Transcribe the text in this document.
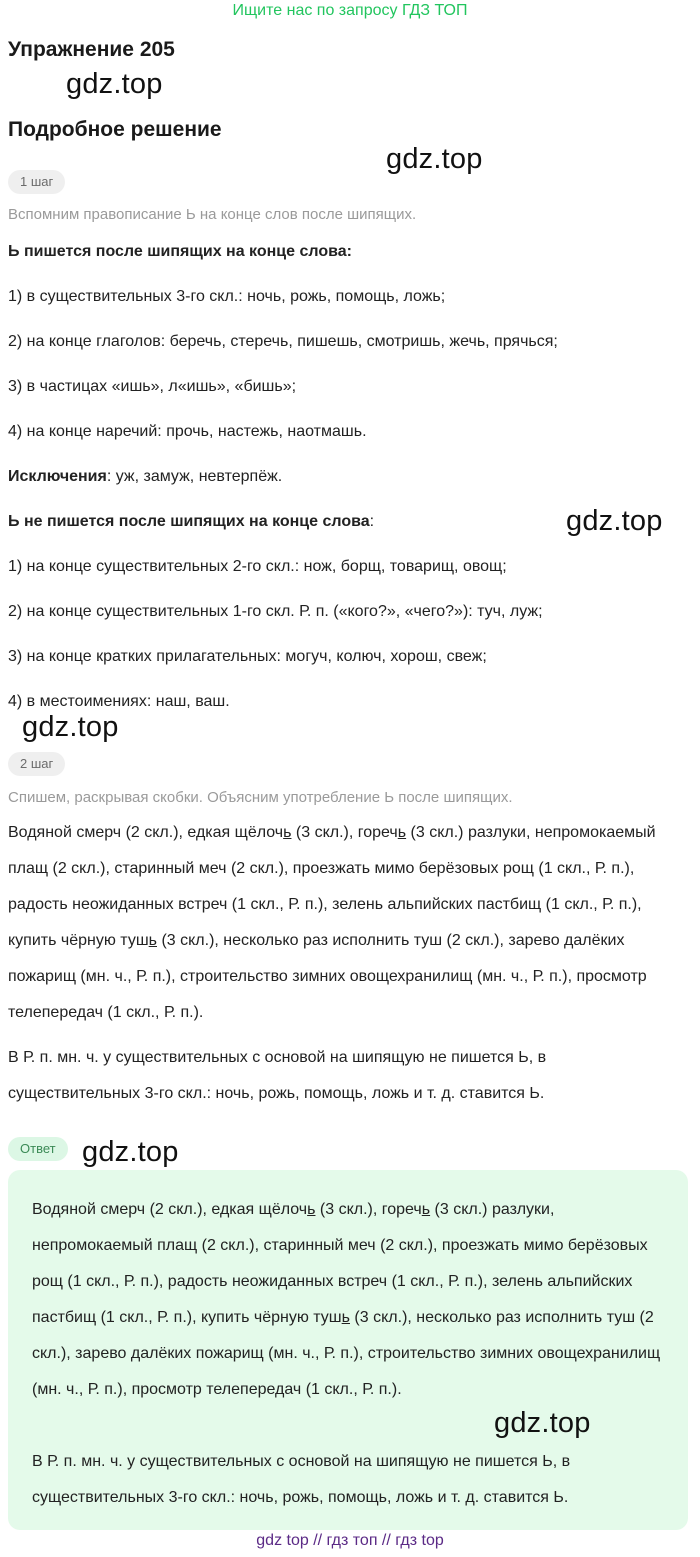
Ищите нас по запросу ГДЗ ТОП
Упражнение 205
gdz.top
Подробное решение
gdz.top
1 шаг
Вспомним правописание Ь на конце слов после шипящих.
Ь пишется после шипящих на конце слова:
1) в существительных 3-го скл.: ночь, рожь, помощь, ложь;
2) на конце глаголов: беречь, стеречь, пишешь, смотришь, жечь, прячься;
3) в частицах «ишь», л«ишь», «бишь»;
4) на конце наречий: прочь, настежь, наотмашь.
Исключения: уж, замуж, невтерпёж.
Ь не пишется после шипящих на конце слова:	gdz.top
1) на конце существительных 2-го скл.: нож, борщ, товарищ, овощ;
2) на конце существительных 1-го скл. Р. п. («кого?», «чего?»): туч, луж;
3) на конце кратких прилагательных: могуч, колюч, хорош, свеж;
4) в местоимениях: наш, ваш.
gdz.top
2 шаг
Спишем, раскрывая скобки. Объясним употребление Ь после шипящих.
Водяной смерч (2 скл.), едкая щёлочь (3 скл.), горечь (3 скл.) разлуки, непромокаемый плащ (2 скл.), старинный меч (2 скл.), проезжать мимо берёзовых рощ (1 скл., Р. п.), радость неожиданных встреч (1 скл., Р. п.), зелень альпийских пастбищ (1 скл., Р. п.), купить чёрную тушь (3 скл.), несколько раз исполнить туш (2 скл.), зарево далёких пожарищ (мн. ч., Р. п.), строительство зимних овощехранилищ (мн. ч., Р. п.), просмотр телепередач (1 скл., Р. п.).
В Р. п. мн. ч. у существительных с основой на шипящую не пишется Ь, в существительных 3-го скл.: ночь, рожь, помощь, ложь и т. д. ставится Ь.
Ответ gdz.top
Водяной смерч (2 скл.), едкая щёлочь (3 скл.), горечь (3 скл.) разлуки, непромокаемый плащ (2 скл.), старинный меч (2 скл.), проезжать мимо берёзовых рощ (1 скл., Р. п.), радость неожиданных встреч (1 скл., Р. п.), зелень альпийских пастбищ (1 скл., Р. п.), купить чёрную тушь (3 скл.), несколько раз исполнить туш (2 скл.), зарево далёких пожарищ (мн. ч., Р. п.), строительство зимних овощехранилищ (мн. ч., Р. п.), просмотр телепередач (1 скл., Р. п.).
В Р. п. мн. ч. у существительных с основой на шипящую не пишется Ь, в существительных 3-го скл.: ночь, рожь, помощь, ложь и т. д. ставится Ь.
gdz.top
gdz top // гдз топ // гдз top
